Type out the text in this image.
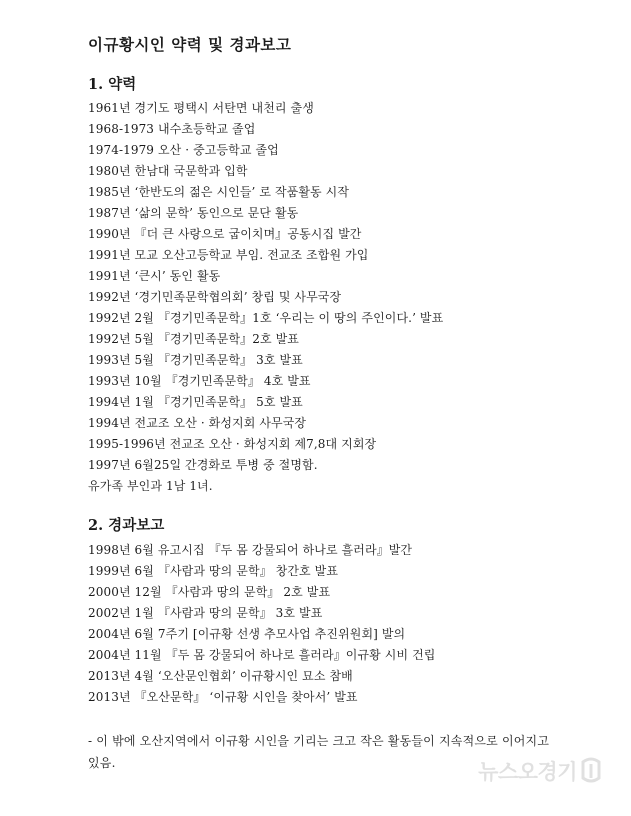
이규황시인 약력 및 경과보고
1. 약력
1961년 경기도 평택시 서탄면 내천리 출생
1968-1973 내수초등학교 졸업
1974-1979 오산 · 중고등학교 졸업
1980년 한남대 국문학과 입학
1985년 ‘한반도의 젊은 시인들’ 로 작품활동 시작
1987년 ‘삶의 문학’ 동인으로 문단 활동
1990년 『더 큰 사랑으로 굽이치며』공동시집 발간
1991년 모교 오산고등학교 부임. 전교조 조합원 가입
1991년 ‘큰시’ 동인 활동
1992년 ‘경기민족문학협의회’ 창립 및 사무국장
1992년 2월 『경기민족문학』1호 ‘우리는 이 땅의 주인이다.’ 발표
1992년 5월 『경기민족문학』2호 발표
1993년 5월 『경기민족문학』 3호 발표
1993년 10월 『경기민족문학』 4호 발표
1994년 1월 『경기민족문학』 5호 발표
1994년 전교조 오산 · 화성지회 사무국장
1995-1996년 전교조 오산 · 화성지회 제7,8대 지회장
1997년 6월25일 간경화로 투병 중 절명함.
유가족 부인과 1남 1녀.
2. 경과보고
1998년 6월 유고시집 『두 몸 강물되어 하나로 흘러라』발간
1999년 6월 『사람과 땅의 문학』 창간호 발표
2000년 12월 『사람과 땅의 문학』 2호 발표
2002년 1월 『사람과 땅의 문학』 3호 발표
2004년 6월 7주기 [이규황 선생 추모사업 추진위원회] 발의
2004년 11월 『두 몸 강물되어 하나로 흘러라』이규황 시비 건립
2013년 4월 ‘오산문인협회’ 이규황시인 묘소 참배
2013년 『오산문학』 ‘이규황 시인을 찾아서’ 발표
- 이 밖에 오산지역에서 이규황 시인을 기리는 크고 작은 활동들이 지속적으로 이어지고 있음.	뉴스오경기
